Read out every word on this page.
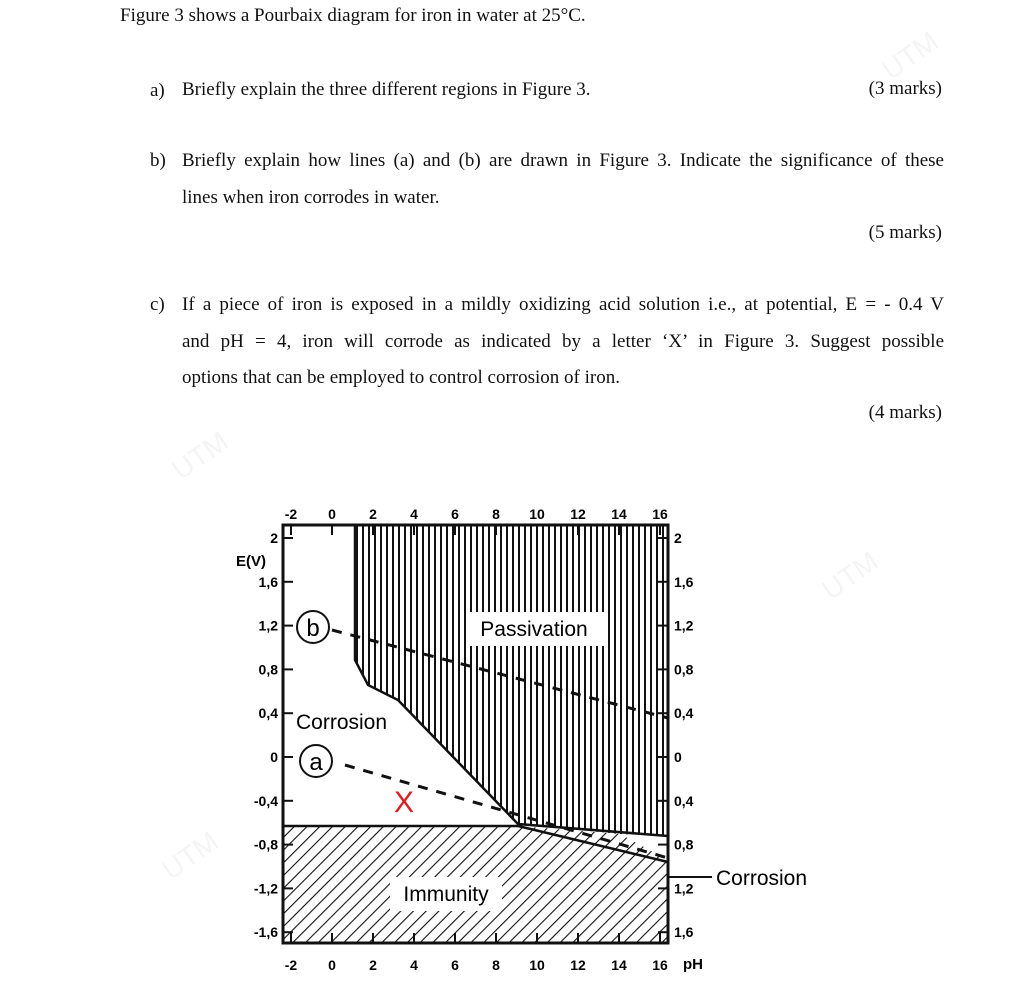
Figure 3 shows a Pourbaix diagram for iron in water at 25°C.
a) Briefly explain the three different regions in Figure 3.	(3 marks)
b) Briefly explain how lines (a) and (b) are drawn in Figure 3. Indicate the significance of these
lines when iron corrodes in water.
(5 marks)
c) If a piece of iron is exposed in a mildly oxidizing acid solution i.e., at potential, E = - 0.4 V
and pH = 4, iron will corrode as indicated by a letter ‘X’ in Figure 3. Suggest possible
options that can be employed to control corrosion of iron.
(4 marks)
b
a
Passivation
Corrosion
Immunity
Corrosion
X
E(V)
pH
-2
-2
0
0
2
2
4
4
6
6
8
8
10
10
12
12
14
14
16
16
2	2
1,6	1,6
1,2	1,2
0,8	0,8
0,4	0,4
0	0
-0,4	0,4
-0,8	0,8
-1,2	1,2
-1,6	1,6
